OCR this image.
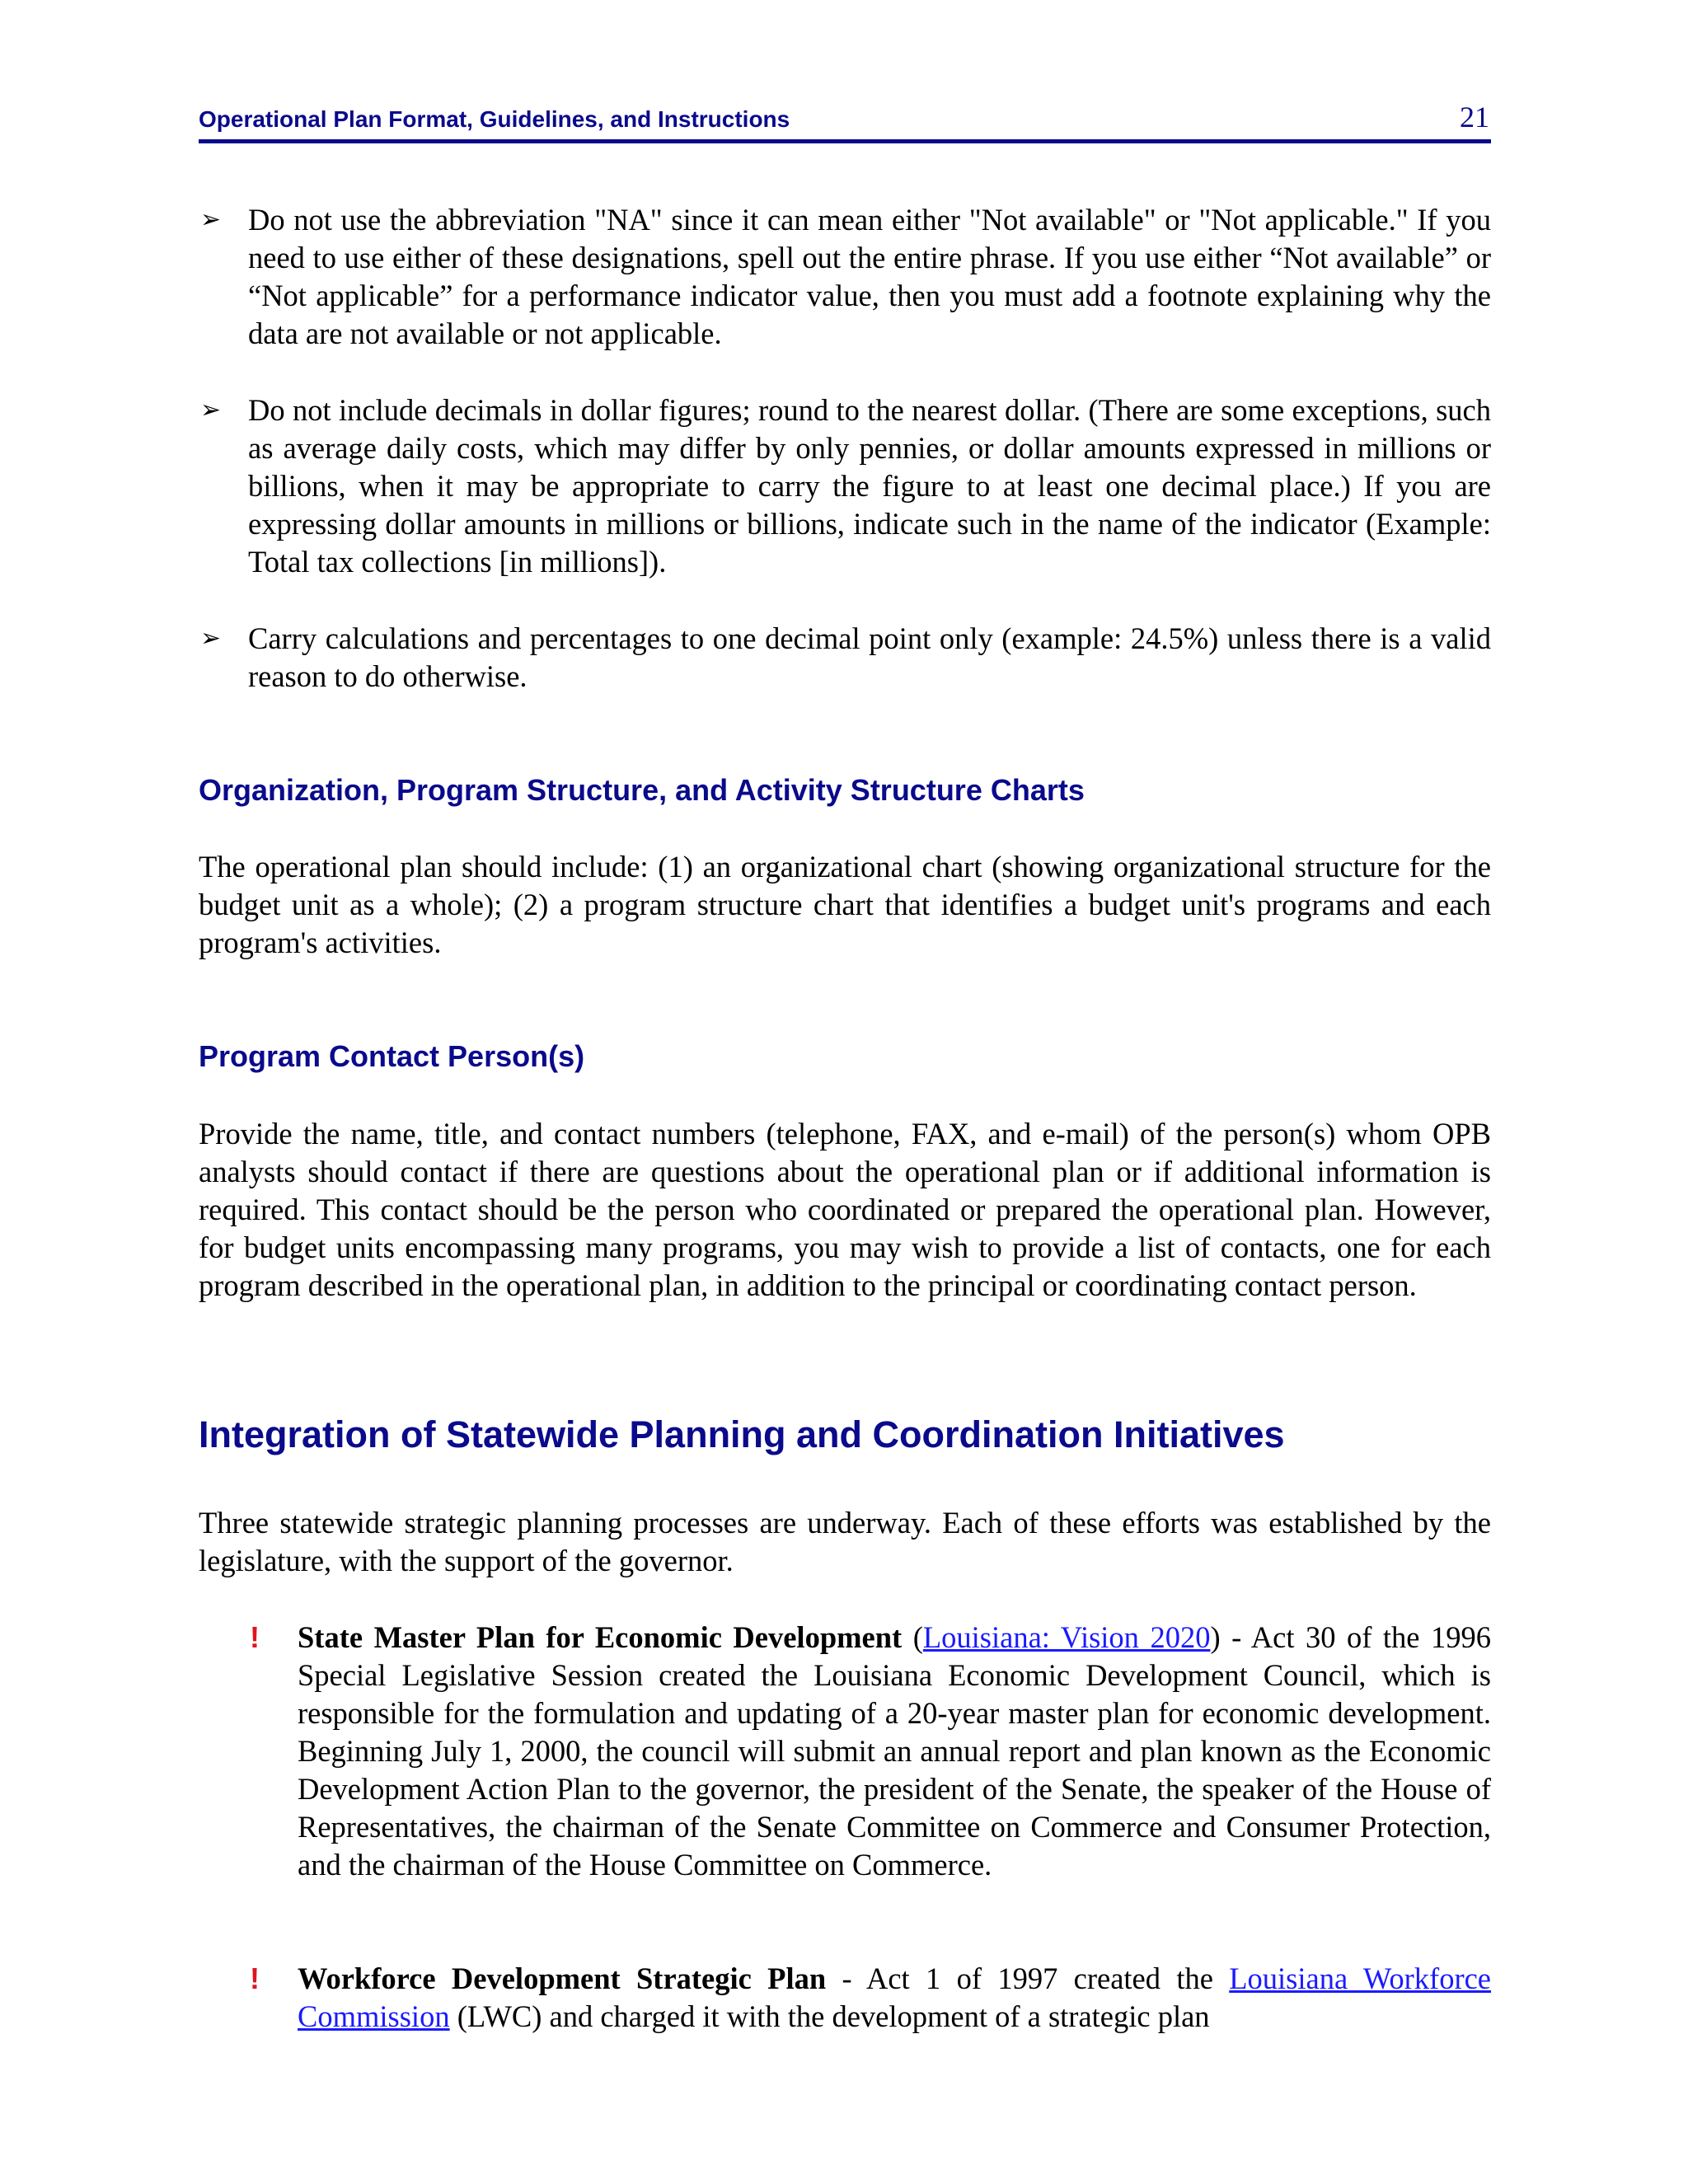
Operational Plan Format, Guidelines, and Instructions	21
➢ Do not use the abbreviation "NA" since it can mean either "Not available" or "Not applicable." If you need to use either of these designations, spell out the entire phrase. If you use either “Not available” or “Not applicable” for a performance indicator value, then you must add a footnote explaining why the data are not available or not applicable.
➢ Do not include decimals in dollar figures; round to the nearest dollar. (There are some exceptions, such as average daily costs, which may differ by only pennies, or dollar amounts expressed in millions or billions, when it may be appropriate to carry the figure to at least one decimal place.) If you are expressing dollar amounts in millions or billions, indicate such in the name of the indicator (Example: Total tax collections [in millions]).
➢ Carry calculations and percentages to one decimal point only (example: 24.5%) unless there is a valid reason to do otherwise.
Organization, Program Structure, and Activity Structure Charts
The operational plan should include: (1) an organizational chart (showing organizational structure for the budget unit as a whole); (2) a program structure chart that identifies a budget unit's programs and each program's activities.
Program Contact Person(s)
Provide the name, title, and contact numbers (telephone, FAX, and e-mail) of the person(s) whom OPB analysts should contact if there are questions about the operational plan or if additional information is required. This contact should be the person who coordinated or prepared the operational plan. However, for budget units encompassing many programs, you may wish to provide a list of contacts, one for each program described in the operational plan, in addition to the principal or coordinating contact person.
Integration of Statewide Planning and Coordination Initiatives
Three statewide strategic planning processes are underway. Each of these efforts was established by the legislature, with the support of the governor.
! State Master Plan for Economic Development (Louisiana: Vision 2020) - Act 30 of the 1996 Special Legislative Session created the Louisiana Economic Development Council, which is responsible for the formulation and updating of a 20-year master plan for economic development. Beginning July 1, 2000, the council will submit an annual report and plan known as the Economic Development Action Plan to the governor, the president of the Senate, the speaker of the House of Representatives, the chairman of the Senate Committee on Commerce and Consumer Protection, and the chairman of the House Committee on Commerce.
! Workforce Development Strategic Plan - Act 1 of 1997 created the Louisiana Workforce Commission (LWC) and charged it with the development of a strategic plan
